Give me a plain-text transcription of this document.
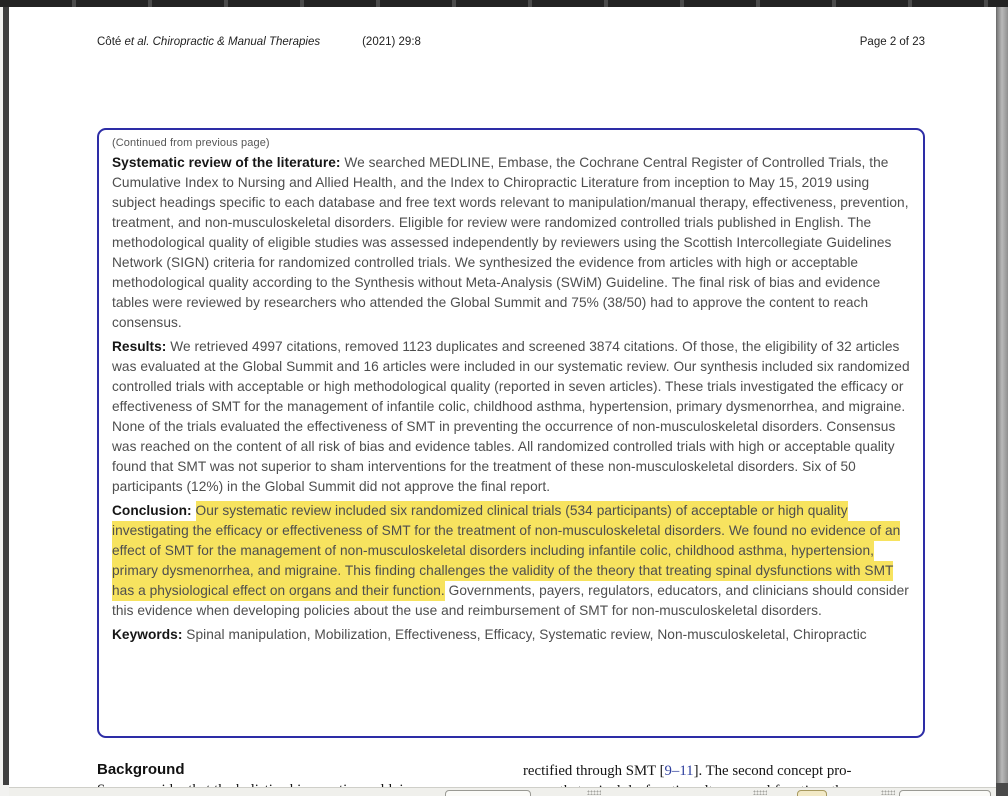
Côté
et al. Chiropractic & Manual Therapies	(2021) 29:8	Page 2 of 23
(Continued from previous page)

Systematic review of the literature: We searched MEDLINE, Embase, the Cochrane Central Register of Controlled Trials, the Cumulative Index to Nursing and Allied Health, and the Index to Chiropractic Literature from inception to May 15, 2019 using subject headings specific to each database and free text words relevant to manipulation/manual therapy, effectiveness, prevention, treatment, and non-musculoskeletal disorders. Eligible for review were randomized controlled trials published in English. The methodological quality of eligible studies was assessed independently by reviewers using the Scottish Intercollegiate Guidelines Network (SIGN) criteria for randomized controlled trials. We synthesized the evidence from articles with high or acceptable methodological quality according to the Synthesis without Meta-Analysis (SWiM) Guideline. The final risk of bias and evidence tables were reviewed by researchers who attended the Global Summit and 75% (38/50) had to approve the content to reach consensus.

Results: We retrieved 4997 citations, removed 1123 duplicates and screened 3874 citations. Of those, the eligibility of 32 articles was evaluated at the Global Summit and 16 articles were included in our systematic review. Our synthesis included six randomized controlled trials with acceptable or high methodological quality (reported in seven articles). These trials investigated the efficacy or effectiveness of SMT for the management of infantile colic, childhood asthma, hypertension, primary dysmenorrhea, and migraine. None of the trials evaluated the effectiveness of SMT in preventing the occurrence of non-musculoskeletal disorders. Consensus was reached on the content of all risk of bias and evidence tables. All randomized controlled trials with high or acceptable quality found that SMT was not superior to sham interventions for the treatment of these non-musculoskeletal disorders. Six of 50 participants (12%) in the Global Summit did not approve the final report.

Conclusion: Our systematic review included six randomized clinical trials (534 participants) of acceptable or high quality investigating the efficacy or effectiveness of SMT for the treatment of non-musculoskeletal disorders. We found no evidence of an effect of SMT for the management of non-musculoskeletal disorders including infantile colic, childhood asthma, hypertension, primary dysmenorrhea, and migraine. This finding challenges the validity of the theory that treating spinal dysfunctions with SMT has a physiological effect on organs and their function. Governments, payers, regulators, educators, and clinicians should consider this evidence when developing policies about the use and reimbursement of SMT for non-musculoskeletal disorders.

Keywords: Spinal manipulation, Mobilization, Effectiveness, Efficacy, Systematic review, Non-musculoskeletal, Chiropractic

Background	rectified through SMT [9–11]. The second concept pro-
